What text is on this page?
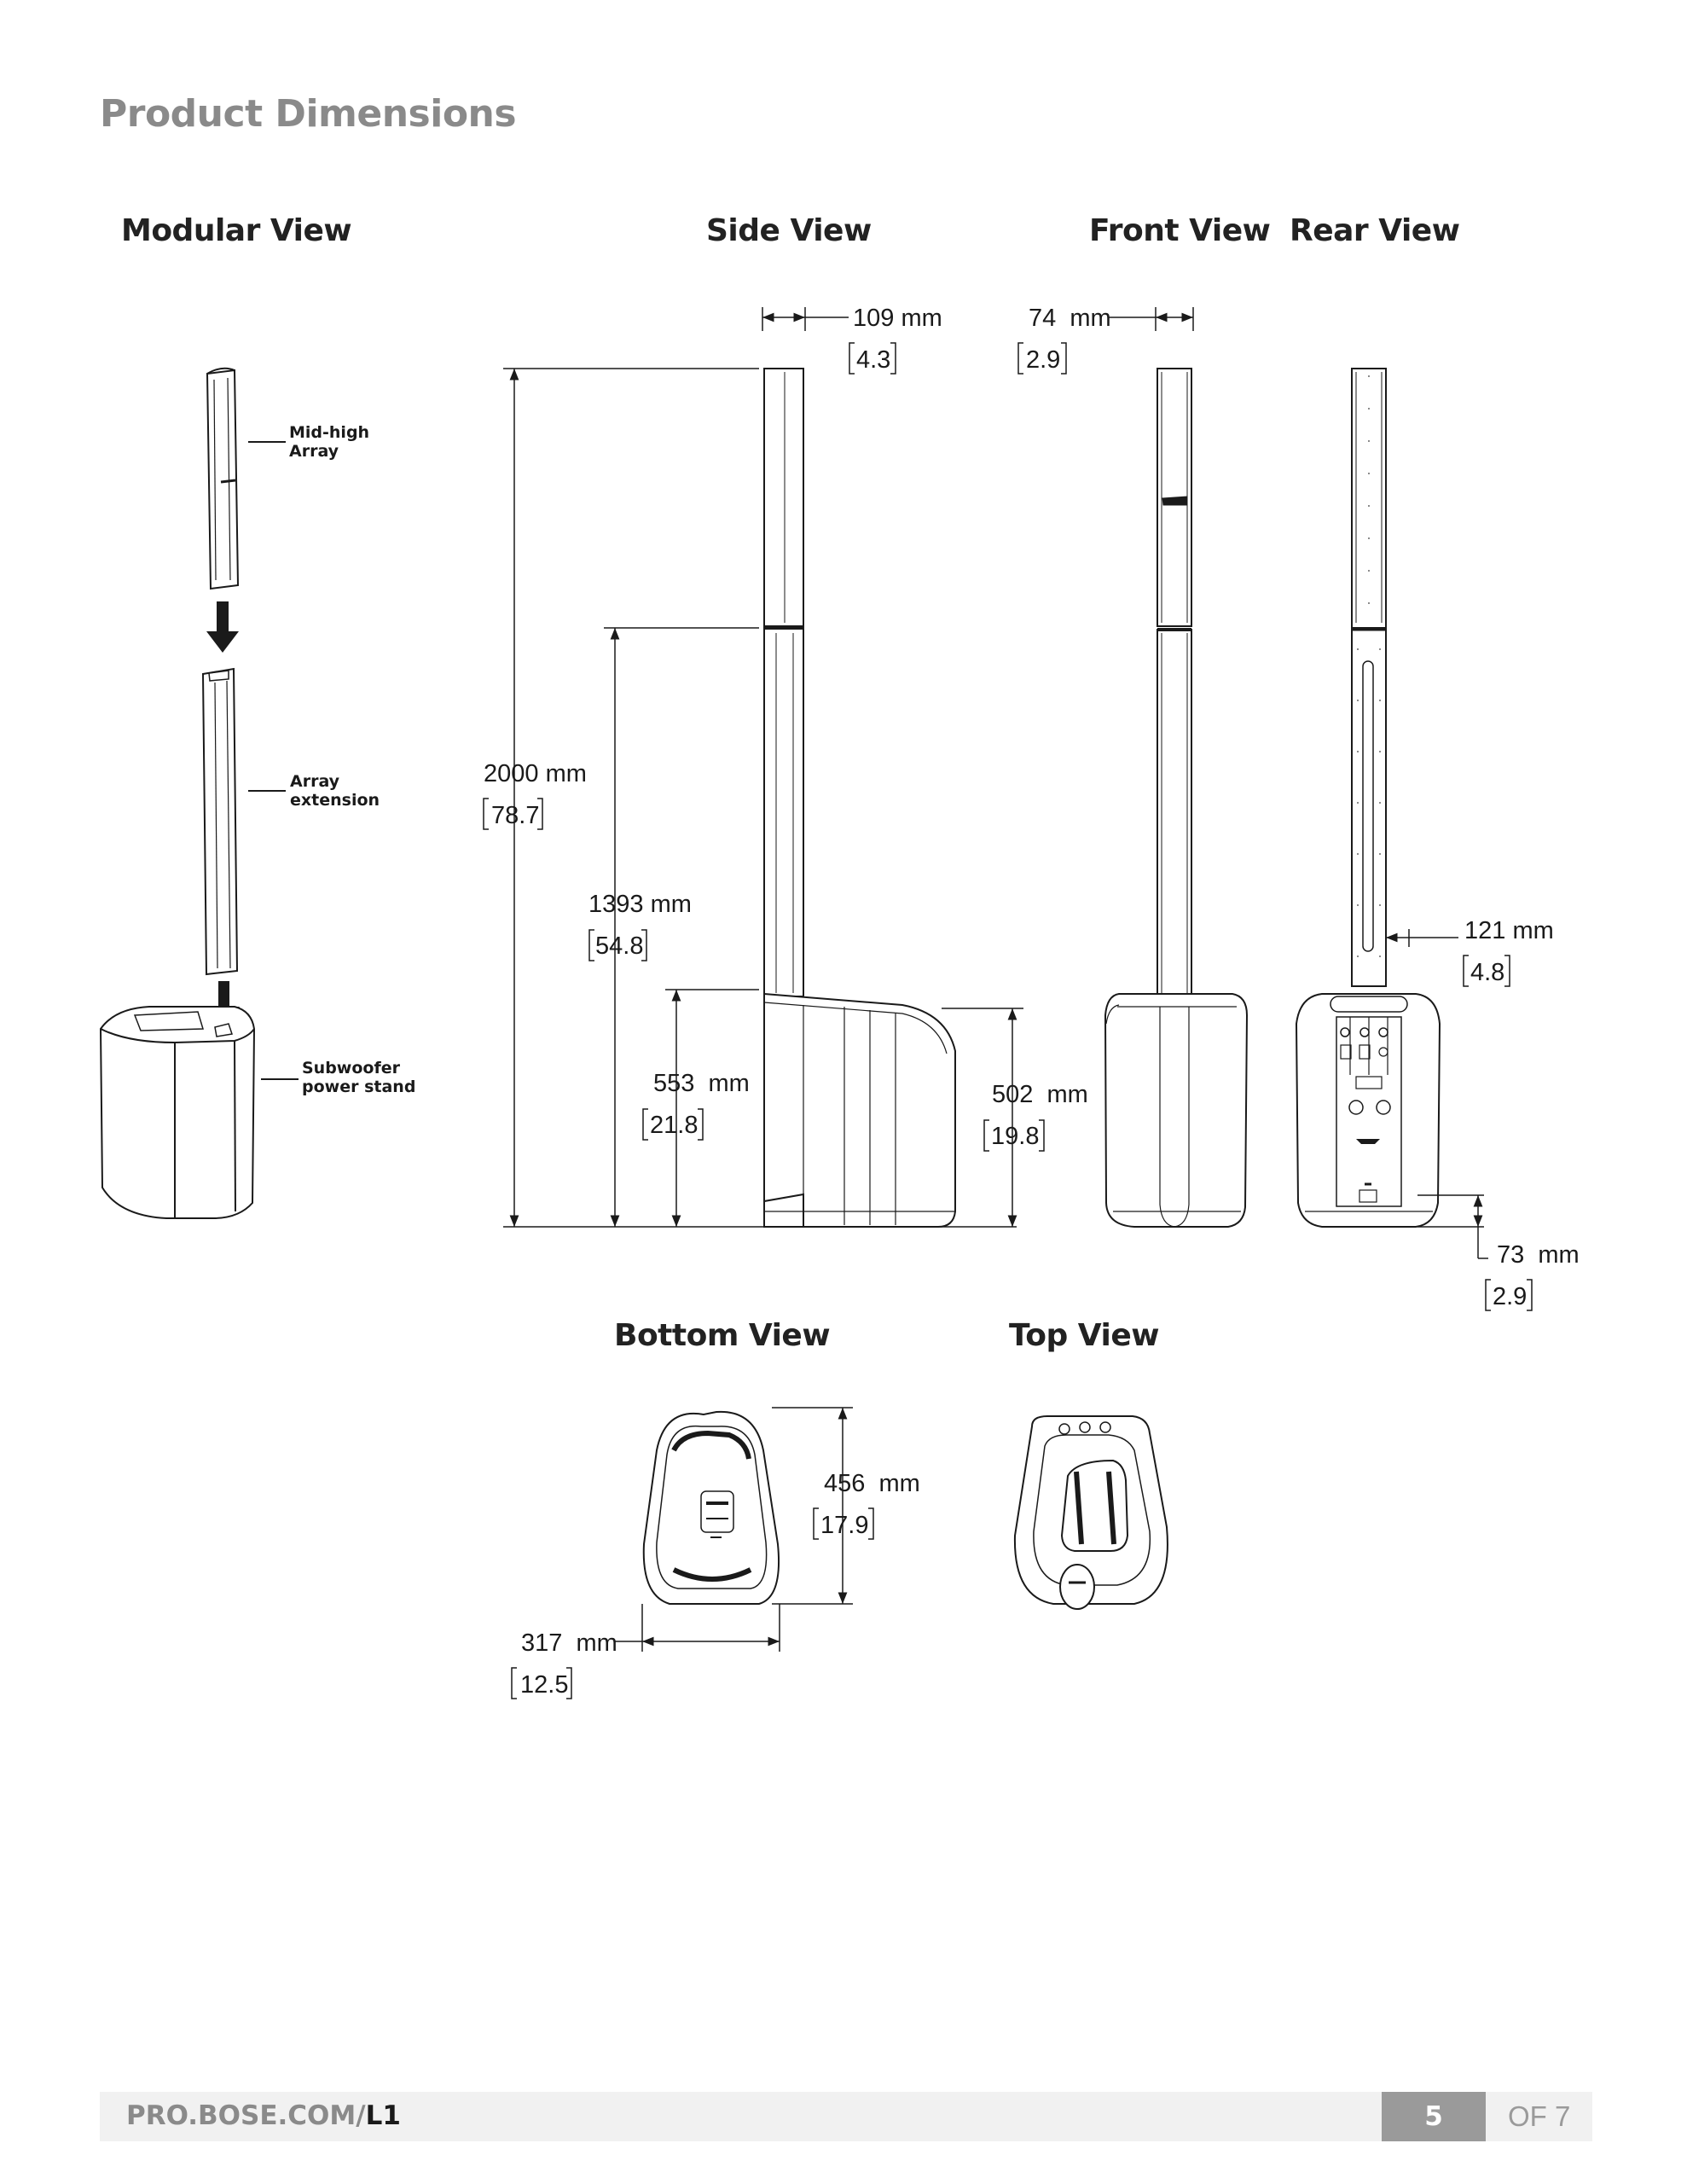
Product Dimensions
Modular View	Side View	Front View Rear View
Bottom View	Top View
Mid-high
Array
Array
extension
Subwoofer
power stand
109 mm
4.3
74  mm
2.9
2000 mm
78.7
1393 mm
54.8
553  mm
21.8
502  mm
19.8
121 mm
4.8
73  mm
2.9
456  mm
17.9
317  mm
12.5
PRO.BOSE.COM/L1	5	OF 7
